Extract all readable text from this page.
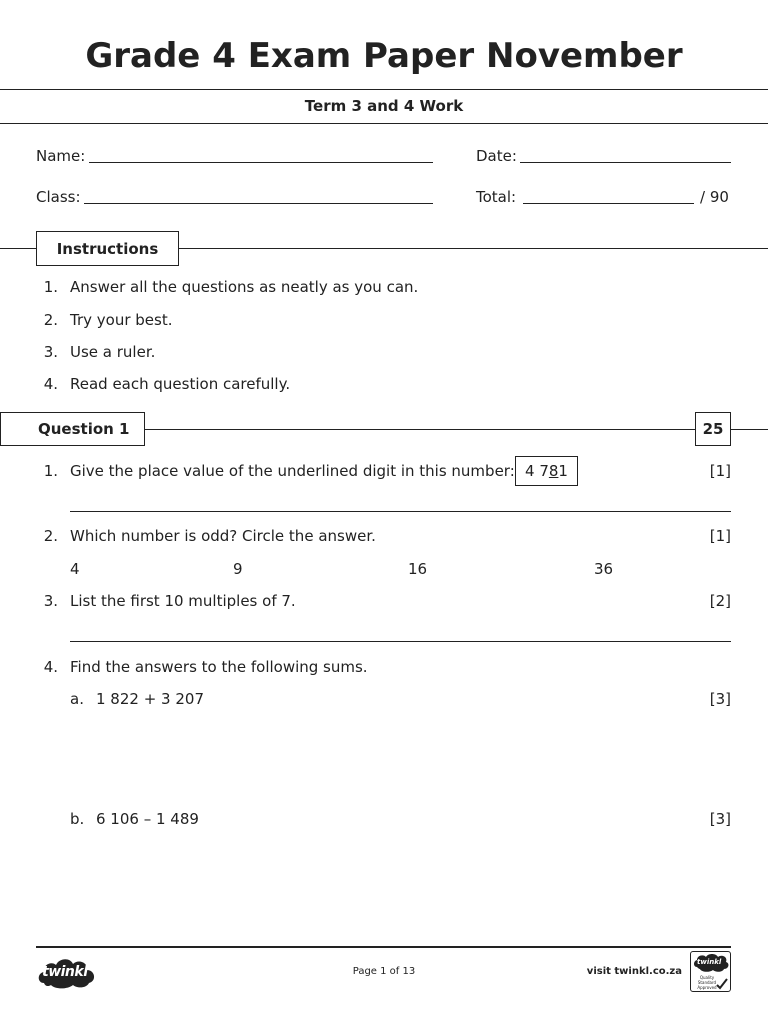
Grade 4 Exam Paper November
Term 3 and 4 Work
Name:	Date:
Class:	Total:	/ 90
Instructions
1. Answer all the questions as neatly as you can.
2. Try your best.
3. Use a ruler.
4. Read each question carefully.
Question 1	25
1. Give the place value of the underlined digit in this number: 4 7 8 1	[1]
2. Which number is odd? Circle the answer.	[1]
4	9	16	36
3. List the first 10 multiples of 7.	[2]
4. Find the answers to the following sums.
a. 1 822 + 3 207	[3]
b. 6 106 – 1 489	[3]
twinkl	Page 1 of 13	visit twinkl.co.za
twinkl
Quality Standard Approved
